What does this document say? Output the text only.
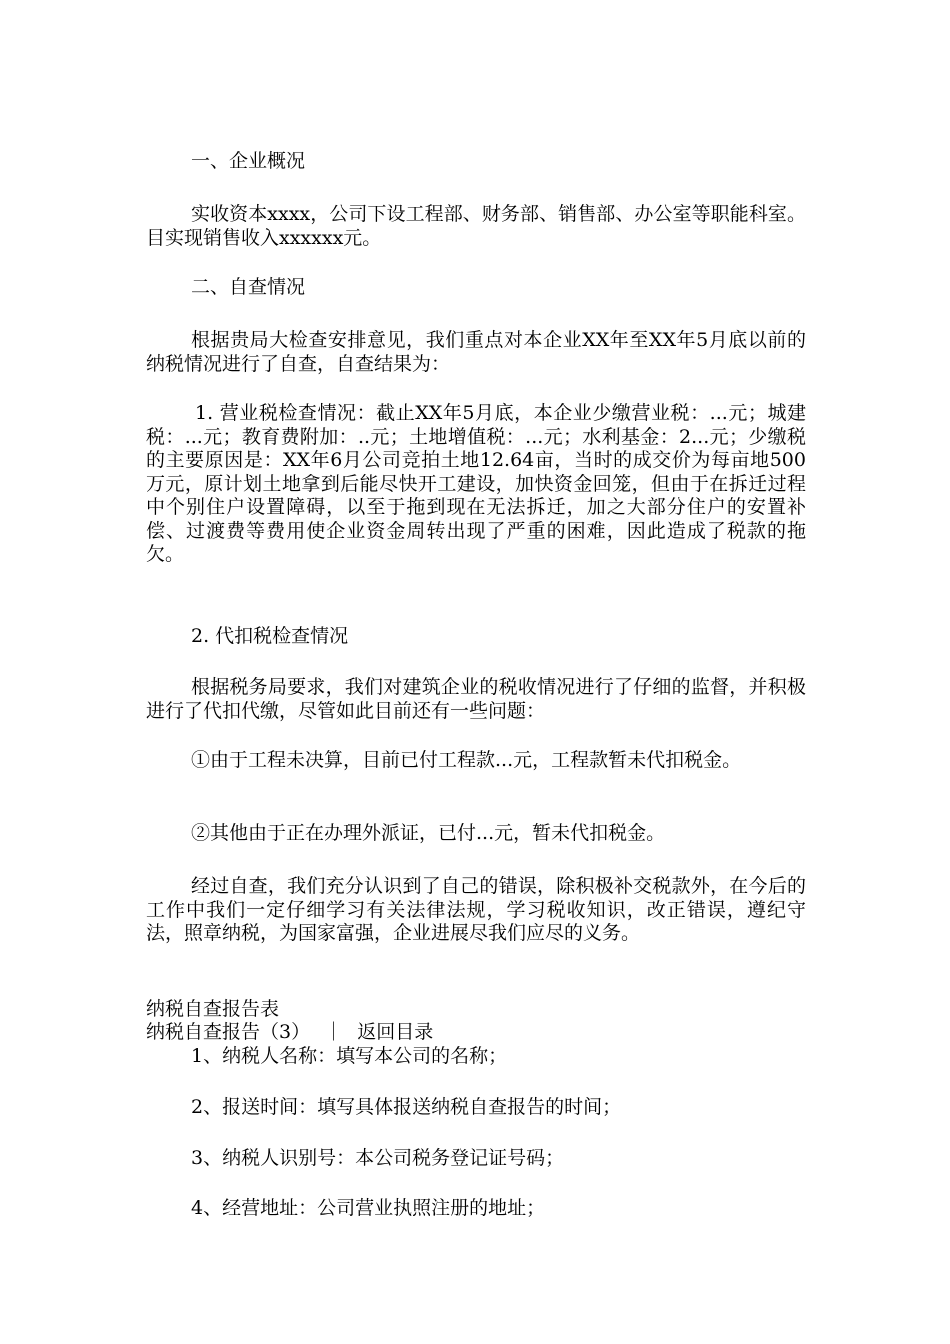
一、企业概况

实收资本xxxx，公司下设工程部、财务部、销售部、办公室等职能科室。目实现销售收入xxxxxx元。

二、自查情况

根据贵局大检查安排意见，我们重点对本企业XX年至XX年5月底以前的纳税情况进行了自查，自查结果为：

1. 营业税检查情况：截止XX年5月底，本企业少缴营业税：...元；城建税：...元；教育费附加：..元；土地增值税：...元；水利基金：2...元；少缴税的主要原因是：XX年6月公司竞拍土地12.64亩，当时的成交价为每亩地500万元，原计划土地拿到后能尽快开工建设，加快资金回笼，但由于在拆迁过程中个别住户设置障碍，以至于拖到现在无法拆迁，加之大部分住户的安置补偿、过渡费等费用使企业资金周转出现了严重的困难，因此造成了税款的拖欠。

2. 代扣税检查情况

根据税务局要求，我们对建筑企业的税收情况进行了仔细的监督，并积极进行了代扣代缴，尽管如此目前还有一些问题：

①由于工程未决算，目前已付工程款...元，工程款暂未代扣税金。

②其他由于正在办理外派证，已付...元，暂未代扣税金。

经过自查，我们充分认识到了自己的错误，除积极补交税款外，在今后的工作中我们一定仔细学习有关法律法规，学习税收知识，改正错误，遵纪守法，照章纳税，为国家富强，企业进展尽我们应尽的义务。

纳税自查报告表

纳税自查报告（3） ｜ 返回目录

1、纳税人名称：填写本公司的名称；

2、报送时间：填写具体报送纳税自查报告的时间；

3、纳税人识别号：本公司税务登记证号码；

4、经营地址：公司营业执照注册的地址；
